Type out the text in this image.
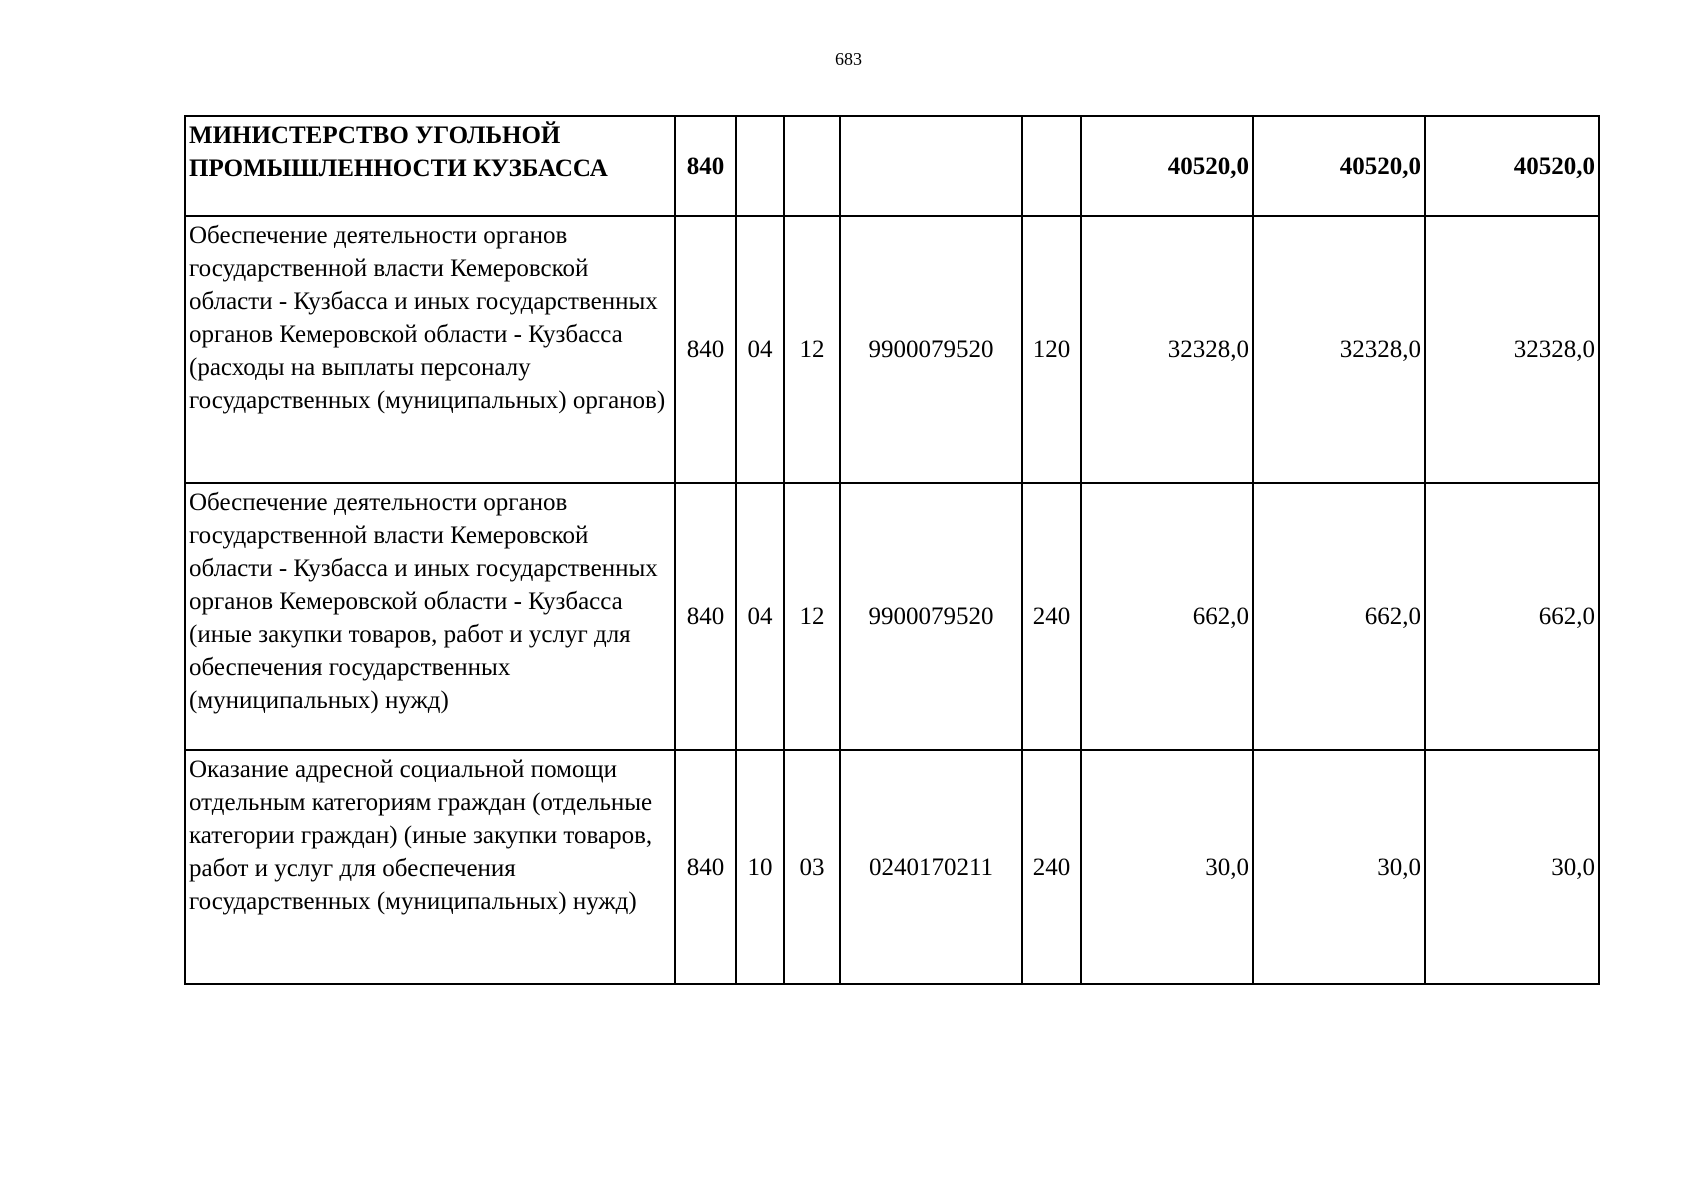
683
МИНИСТЕРСТВО УГОЛЬНОЙ ПРОМЫШЛЕННОСТИ КУЗБАССА	840					40520,0	40520,0	40520,0
Обеспечение деятельности органов государственной власти Кемеровской области - Кузбасса и иных государственных органов Кемеровской области - Кузбасса (расходы на выплаты персоналу государственных (муниципальных) органов)	840	04	12	9900079520	120	32328,0	32328,0	32328,0
Обеспечение деятельности органов государственной власти Кемеровской области - Кузбасса и иных государственных органов Кемеровской области - Кузбасса (иные закупки товаров, работ и услуг для обеспечения государственных (муниципальных) нужд)	840	04	12	9900079520	240	662,0	662,0	662,0
Оказание адресной социальной помощи отдельным категориям граждан (отдельные категории граждан) (иные закупки товаров, работ и услуг для обеспечения государственных (муниципальных) нужд)	840	10	03	0240170211	240	30,0	30,0	30,0
